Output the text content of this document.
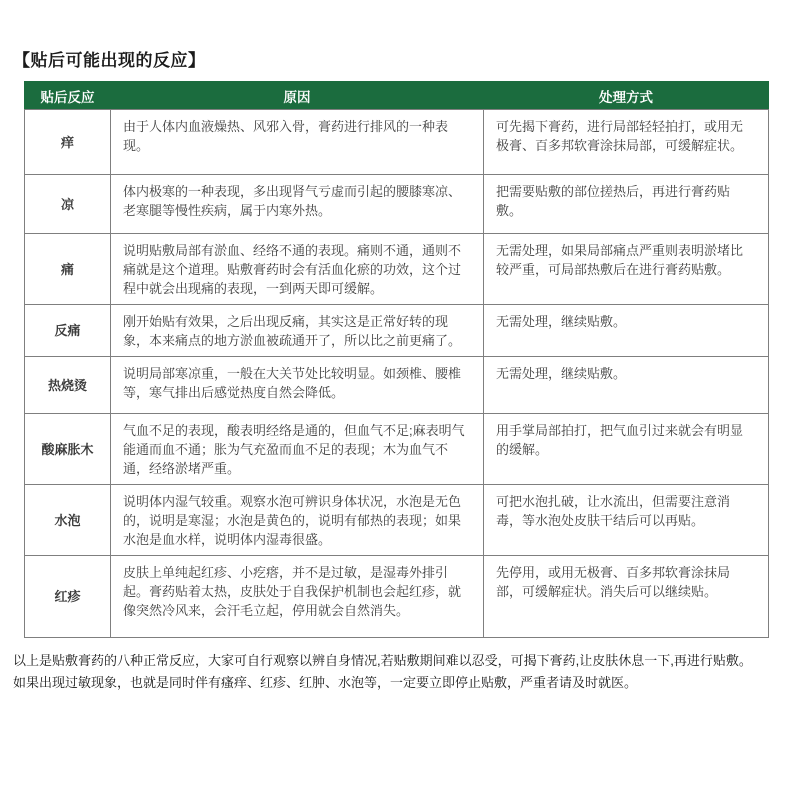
【贴后可能出现的反应】
贴后反应	原因	处理方式
痒	由于人体内血液燥热、风邪入骨，膏药进行排风的一种表现。	可先揭下膏药，进行局部轻轻拍打，或用无极膏、百多邦软膏涂抹局部，可缓解症状。
凉	体内极寒的一种表现，多出现肾气亏虚而引起的腰膝寒凉、老寒腿等慢性疾病，属于内寒外热。	把需要贴敷的部位搓热后，再进行膏药贴敷。
痛	说明贴敷局部有淤血、经络不通的表现。痛则不通，通则不痛就是这个道理。贴敷膏药时会有活血化瘀的功效，这个过程中就会出现痛的表现，一到两天即可缓解。	无需处理，如果局部痛点严重则表明淤堵比较严重，可局部热敷后在进行膏药贴敷。
反痛	刚开始贴有效果，之后出现反痛，其实这是正常好转的现象，本来痛点的地方淤血被疏通开了，所以比之前更痛了。	无需处理，继续贴敷。
热烧烫	说明局部寒凉重，一般在大关节处比较明显。如颈椎、腰椎等，寒气排出后感觉热度自然会降低。	无需处理，继续贴敷。
酸麻胀木	气血不足的表现，酸表明经络是通的，但血气不足;麻表明气能通而血不通；胀为气充盈而血不足的表现；木为血气不通，经络淤堵严重。	用手掌局部拍打，把气血引过来就会有明显的缓解。
水泡	说明体内湿气较重。观察水泡可辨识身体状况，水泡是无色的，说明是寒湿；水泡是黄色的，说明有郁热的表现；如果水泡是血水样，说明体内湿毒很盛。	可把水泡扎破，让水流出，但需要注意消毒，等水泡处皮肤干结后可以再贴。
红疹	皮肤上单纯起红疹、小疙瘩，并不是过敏，是湿毒外排引起。膏药贴着太热，皮肤处于自我保护机制也会起红疹，就像突然冷风来，会汗毛立起，停用就会自然消失。	先停用，或用无极膏、百多邦软膏涂抹局部，可缓解症状。消失后可以继续贴。

以上是贴敷膏药的八种正常反应，大家可自行观察以辨自身情况,若贴敷期间难以忍受，可揭下膏药,让皮肤休息一下,再进行贴敷。

如果出现过敏现象，也就是同时伴有瘙痒、红疹、红肿、水泡等，一定要立即停止贴敷，严重者请及时就医。
